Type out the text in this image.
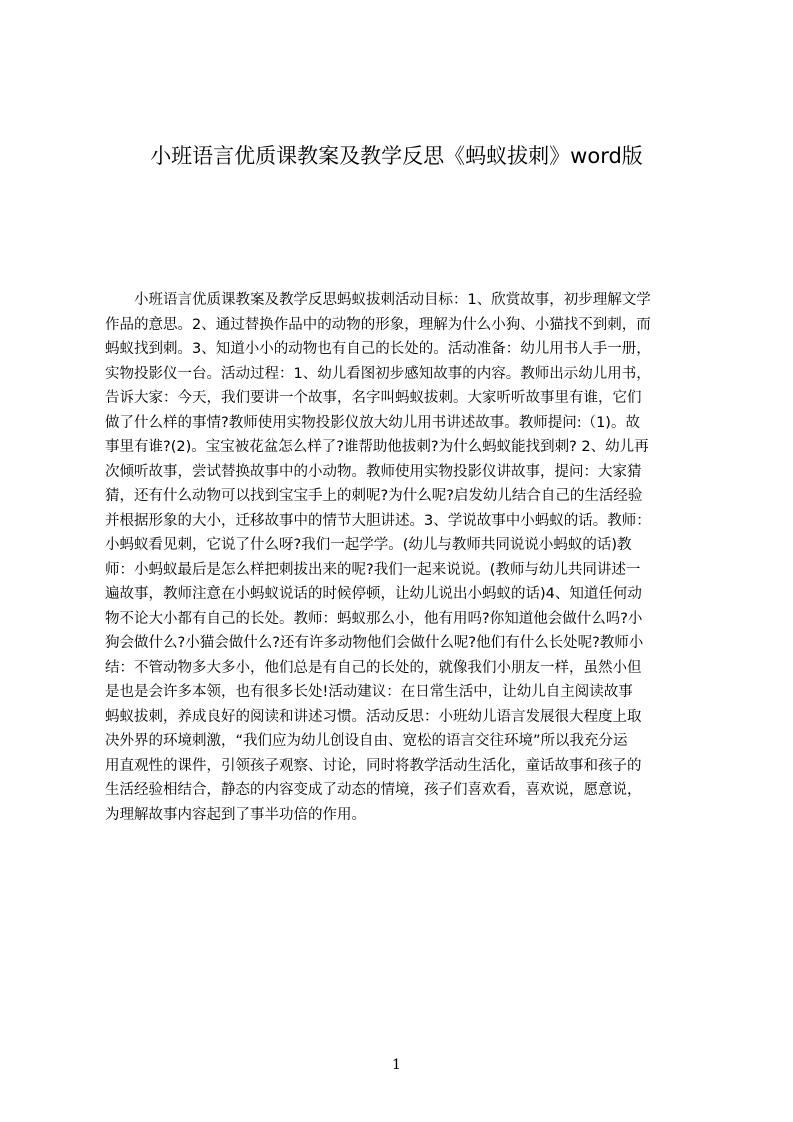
小班语言优质课教案及教学反思《蚂蚁拔刺》word版
　　小班语言优质课教案及教学反思蚂蚁拔刺活动目标：1、欣赏故事，初步理解文学
作品的意思。2、通过替换作品中的动物的形象，理解为什么小狗、小猫找不到刺，而
蚂蚁找到刺。3、知道小小的动物也有自己的长处的。活动准备：幼儿用书人手一册，
实物投影仪一台。活动过程：1、幼儿看图初步感知故事的内容。教师出示幼儿用书，
告诉大家：今天，我们要讲一个故事，名字叫蚂蚁拔刺。大家听听故事里有谁，它们
做了什么样的事情?教师使用实物投影仪放大幼儿用书讲述故事。教师提问:（1)。故
事里有谁?(2)。宝宝被花盆怎么样了?谁帮助他拔刺?为什么蚂蚁能找到刺? 2、幼儿再
次倾听故事，尝试替换故事中的小动物。教师使用实物投影仪讲故事，提问：大家猜
猜，还有什么动物可以找到宝宝手上的刺呢?为什么呢?启发幼儿结合自己的生活经验
并根据形象的大小，迁移故事中的情节大胆讲述。3、学说故事中小蚂蚁的话。教师：
小蚂蚁看见刺，它说了什么呀?我们一起学学。(幼儿与教师共同说说小蚂蚁的话)教
师：小蚂蚁最后是怎么样把刺拔出来的呢?我们一起来说说。(教师与幼儿共同讲述一
遍故事，教师注意在小蚂蚁说话的时候停顿，让幼儿说出小蚂蚁的话)4、知道任何动
物不论大小都有自己的长处。教师：蚂蚁那么小，他有用吗?你知道他会做什么吗?小
狗会做什么?小猫会做什么?还有许多动物他们会做什么呢?他们有什么长处呢?教师小
结：不管动物多大多小，他们总是有自己的长处的，就像我们小朋友一样，虽然小但
是也是会许多本领，也有很多长处!活动建议：在日常生活中，让幼儿自主阅读故事
蚂蚁拔刺，养成良好的阅读和讲述习惯。活动反思：小班幼儿语言发展很大程度上取
决外界的环境刺激，“我们应为幼儿创设自由、宽松的语言交往环境”所以我充分运
用直观性的课件，引领孩子观察、讨论，同时将教学活动生活化，童话故事和孩子的
生活经验相结合，静态的内容变成了动态的情境，孩子们喜欢看，喜欢说，愿意说，
为理解故事内容起到了事半功倍的作用。
1
